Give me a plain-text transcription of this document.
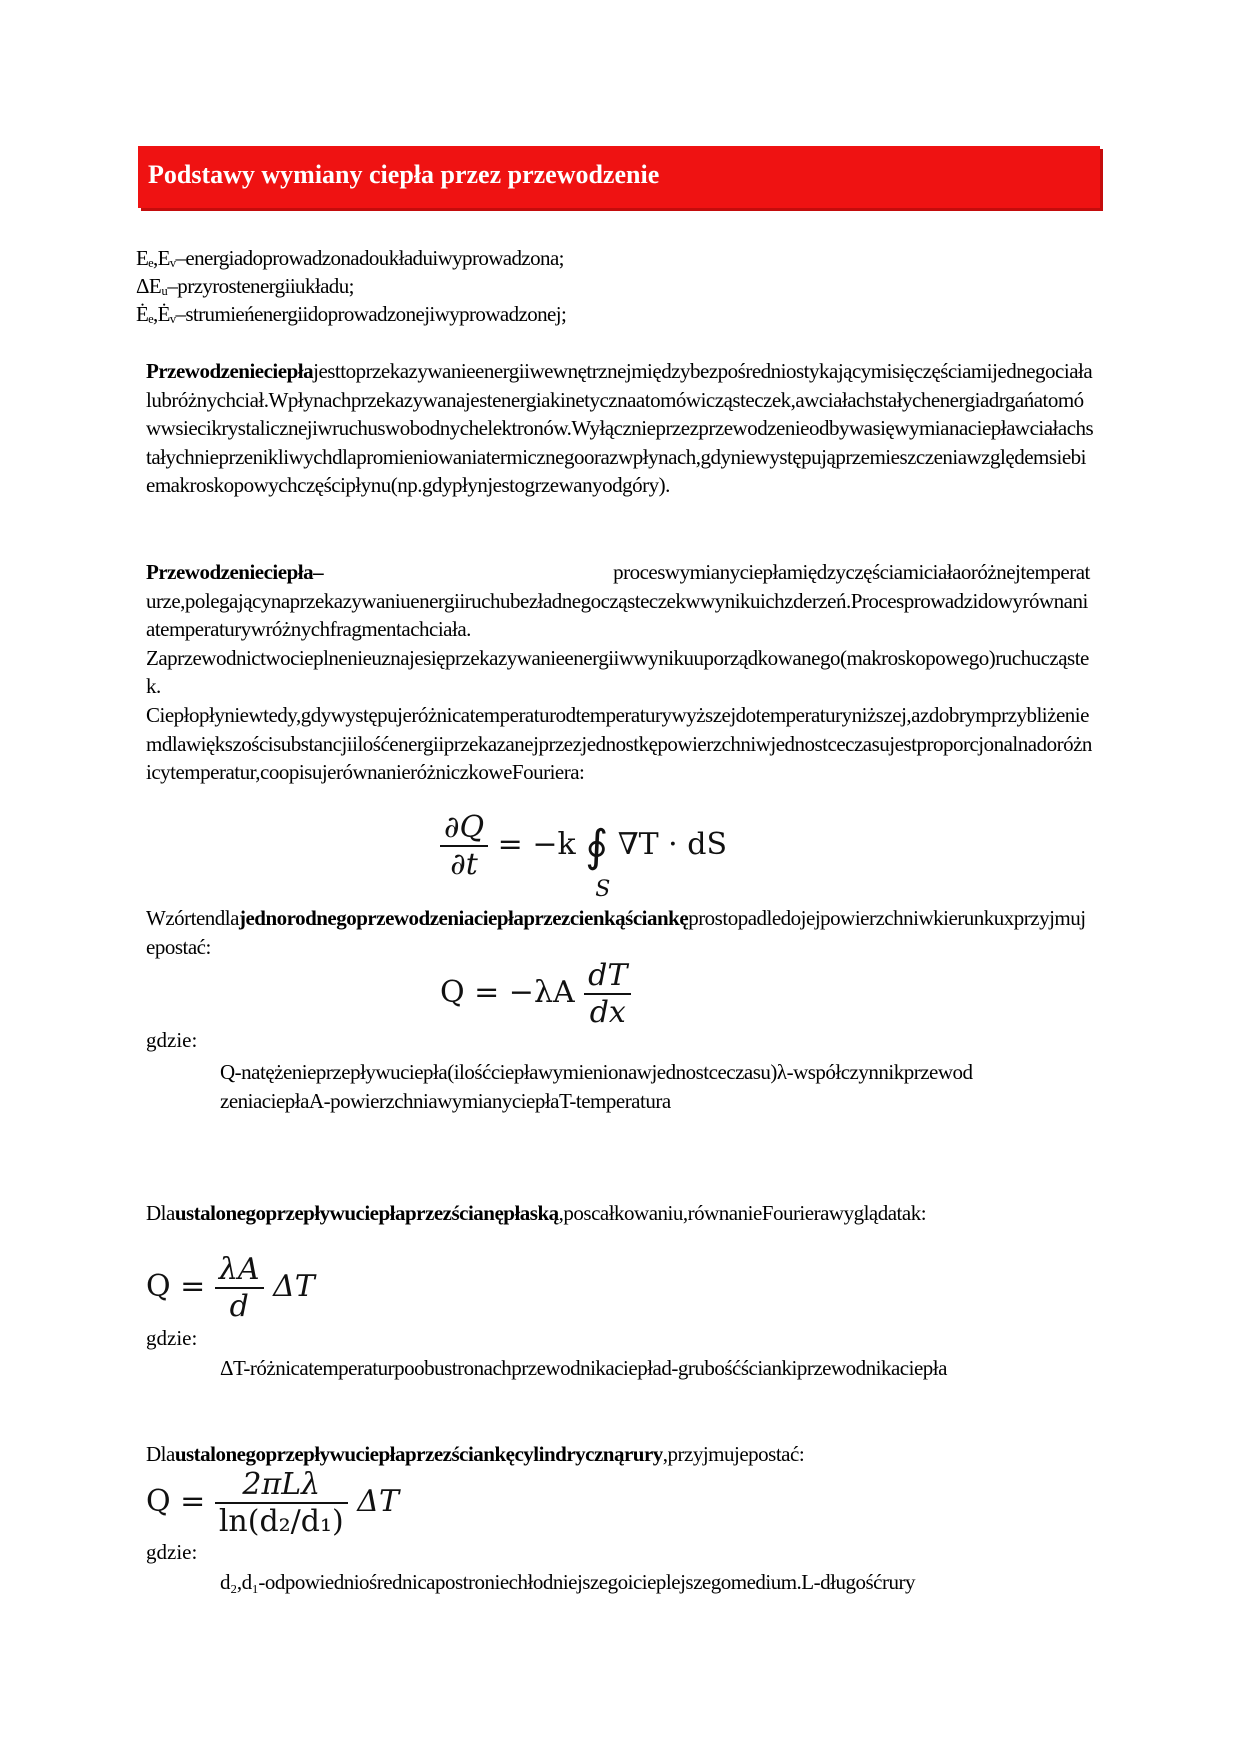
Podstawy wymiany ciepła przez przewodzenie
Eₑ,Eᵥ–energiadoprowadzonadoukładuiwyprowadzona;
ΔEᵤ–przyrostenergiiukładu;
Ėₑ,Ėᵥ–strumieńenergiidoprowadzonejiwyprowadzonej;
Przewodzenieciepłajesttoprzekazywanieenergiiwewnętrznejmiędzybezpośredniostykającymisięczęściamijednegociałalubróżnychciał.Wpłynachprzekazywanajestenergiakinetycznaatomówicząsteczek,awciałachstałychenergiadrgańatomówwsiecikrystalicznejiwruchuswobodnychelektronów.Wyłącznieprzezprzewodzenieodbywasięwymianaciepławciałachstałychnieprzenikliwychdlapromieniowaniatermicznegoorazwpłynach,gdyniewystępująprzemieszczeniawzględemsiebiemakroskopowychczęścipłynu(np.gdypłynjestogrzewanyodgóry).
Przewodzenieciepła–	proceswymianyciepłamiędzyczęściamiciałaoróżnejtemperaturze,polegającynaprzekazywaniuenergiiruchubezładnegocząsteczekwwynikuichzderzeń.Procesprowadzidowyrównaniatemperaturywróżnychfragmentachciała.
Zaprzewodnictwocieplnenieuznajesięprzekazywanieenergiiwwynikuuporządkowanego(makroskopowego)ruchucząstek.
Ciepłopłyniewtedy,gdywystępujeróżnicatemperaturodtemperaturywyższejdotemperaturyniższej,azdobrymprzybliżeniemdlawiększościsubstancjiilośćenergiiprzekazanejprzezjednostkępowierzchniwjednostceczasujestproporcjonalnadoróżnicytemperatur,coopisujerównanieróżniczkoweFouriera:
$\frac{\partial Q}{\partial t} = -k$ ∮
S
∇T · dS
Wzórtendlajednorodnegoprzewodzeniaciepłaprzezcienkąściankęprostopadledojejpowierzchniwkierunkuxprzyjmujepostać:
$Q = -\lambda A \frac{dT}{dx}$
gdzie:
Q-natężenieprzepływuciepła(ilośćciepławymienionawjednostceczasu)λ-współczynnikprzewodzeniaciepłaA-powierzchniawymianyciepłaT-temperatura
Dlaustalonegoprzepływuciepłaprzezścianępłaską,poscałkowaniu,równanieFourierawyglądatak:
$Q = \frac{\lambda A}{d}$ ΔT
gdzie:
ΔT-różnicatemperaturpoobustronachprzewodnikaciepład-grubośćściankiprzewodnikaciepła
Dlaustalonegoprzepływuciepłaprzezściankęcylindrycznąrury,przyjmujepostać:
$Q = \frac{\text{2πLλ}}{\text{ln(d₂/d₁)}}$ ΔT
gdzie:
d₂,d₁-odpowiedniośrednicapostroniechłodniejszegoicieplejszegomedium.L-długośćrury
